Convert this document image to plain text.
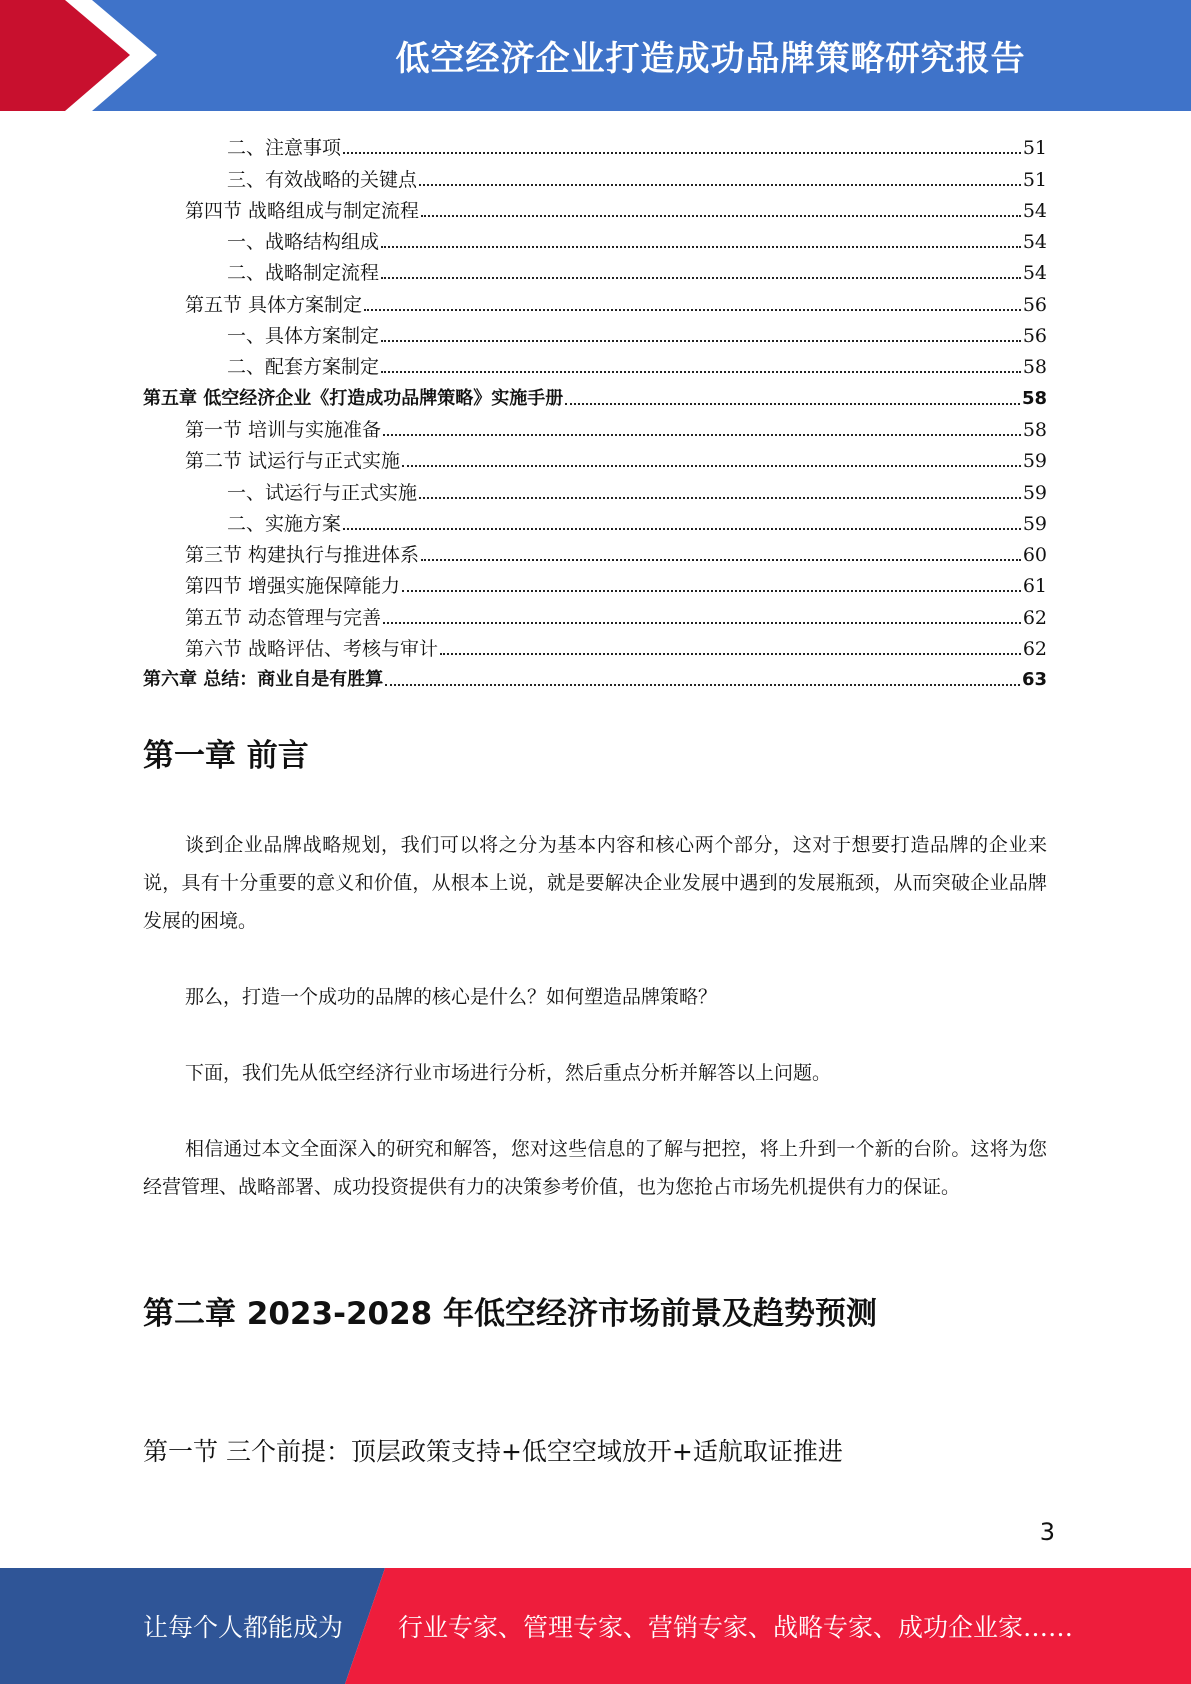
低空经济企业打造成功品牌策略研究报告
二、注意事项	51
三、有效战略的关键点	51
第四节 战略组成与制定流程	54
一、战略结构组成	54
二、战略制定流程	54
第五节 具体方案制定	56
一、具体方案制定	56
二、配套方案制定	58
第五章 低空经济企业《打造成功品牌策略》实施手册	58
第一节 培训与实施准备	58
第二节 试运行与正式实施	59
一、试运行与正式实施	59
二、实施方案	59
第三节 构建执行与推进体系	60
第四节 增强实施保障能力	61
第五节 动态管理与完善	62
第六节 战略评估、考核与审计	62
第六章 总结：商业自是有胜算	63
第一章 前言
谈到企业品牌战略规划，我们可以将之分为基本内容和核心两个部分，这对于想要打造品牌的企业来说，具有十分重要的意义和价值，从根本上说，就是要解决企业发展中遇到的发展瓶颈，从而突破企业品牌发展的困境。
那么，打造一个成功的品牌的核心是什么？如何塑造品牌策略？
下面，我们先从低空经济行业市场进行分析，然后重点分析并解答以上问题。
相信通过本文全面深入的研究和解答，您对这些信息的了解与把控，将上升到一个新的台阶。这将为您经营管理、战略部署、成功投资提供有力的决策参考价值，也为您抢占市场先机提供有力的保证。
第二章 2023-2028 年低空经济市场前景及趋势预测
第一节 三个前提：顶层政策支持+低空空域放开+适航取证推进
3
让每个人都能成为 行业专家、管理专家、营销专家、战略专家、成功企业家……
